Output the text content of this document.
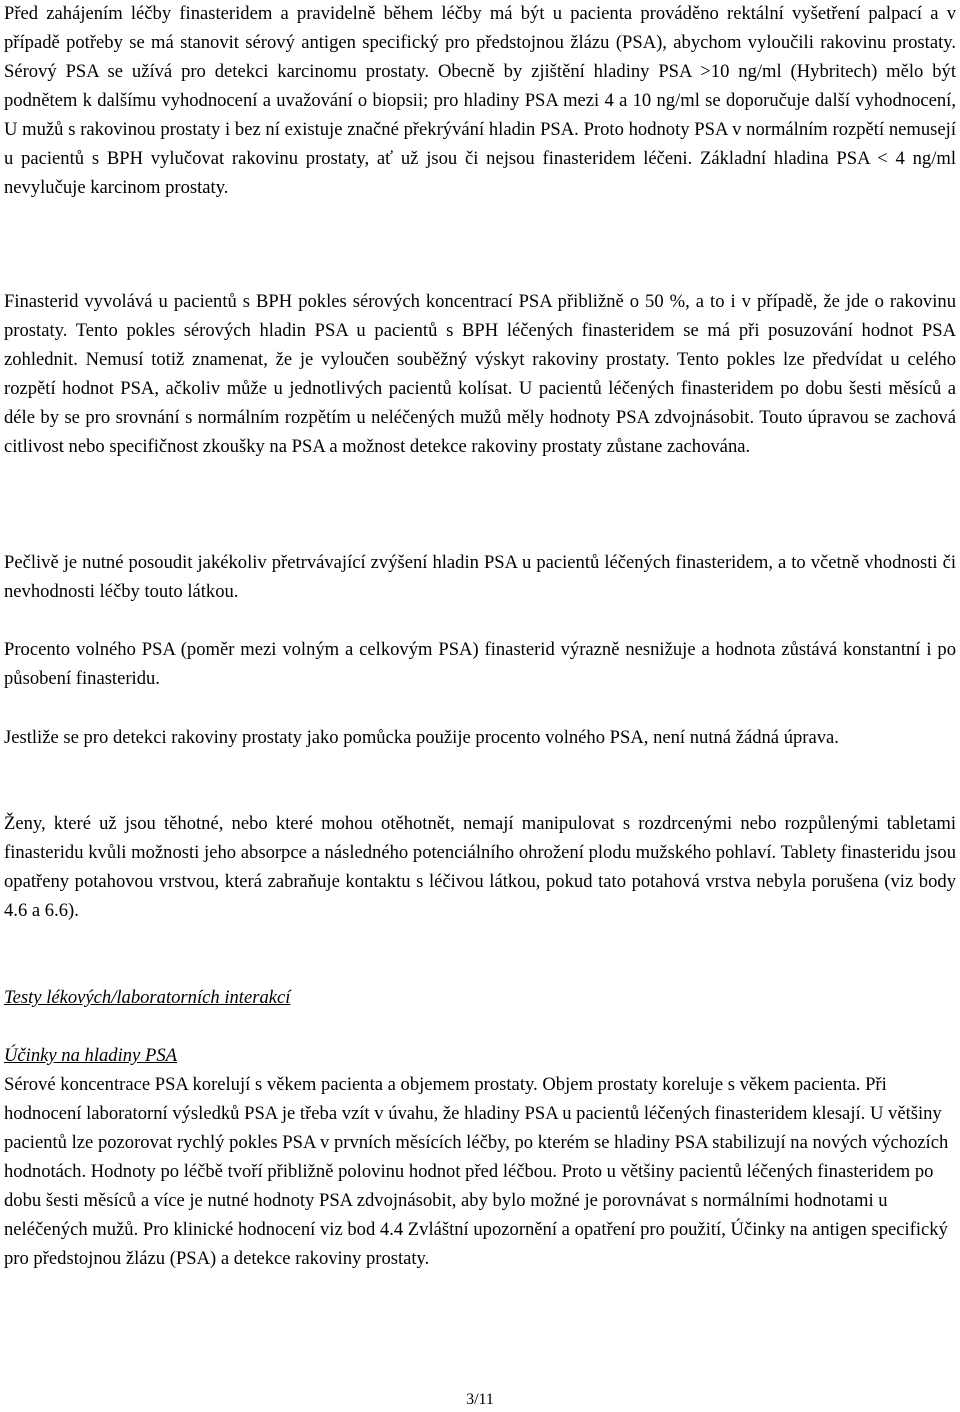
Před zahájením léčby finasteridem a pravidelně během léčby má být u pacienta prováděno rektální vyšetření palpací a v případě potřeby se má stanovit sérový antigen specifický pro předstojnou žlázu (PSA), abychom vyloučili rakovinu prostaty. Sérový PSA se užívá pro detekci karcinomu prostaty. Obecně by zjištění hladiny PSA >10 ng/ml (Hybritech) mělo být podnětem k dalšímu vyhodnocení a uvažování o biopsii; pro hladiny PSA mezi 4 a 10 ng/ml se doporučuje další vyhodnocení, U mužů s rakovinou prostaty i bez ní existuje značné překrývání hladin PSA. Proto hodnoty PSA v normálním rozpětí nemusejí u pacientů s BPH vylučovat rakovinu prostaty, ať už jsou či nejsou finasteridem léčeni. Základní hladina PSA < 4 ng/ml nevylučuje karcinom prostaty.

Finasterid vyvolává u pacientů s BPH pokles sérových koncentrací PSA přibližně o 50 %, a to i v případě, že jde o rakovinu prostaty. Tento pokles sérových hladin PSA u pacientů s BPH léčených finasteridem se má při posuzování hodnot PSA zohlednit. Nemusí totiž znamenat, že je vyloučen souběžný výskyt rakoviny prostaty. Tento pokles lze předvídat u celého rozpětí hodnot PSA, ačkoliv může u jednotlivých pacientů kolísat. U pacientů léčených finasteridem po dobu šesti měsíců a déle by se pro srovnání s normálním rozpětím u neléčených mužů měly hodnoty PSA zdvojnásobit. Touto úpravou se zachová citlivost nebo specifičnost zkoušky na PSA a možnost detekce rakoviny prostaty zůstane zachována.

Pečlivě je nutné posoudit jakékoliv přetrvávající zvýšení hladin PSA u pacientů léčených finasteridem, a to včetně vhodnosti či nevhodnosti léčby touto látkou.

Procento volného PSA (poměr mezi volným a celkovým PSA) finasterid výrazně nesnižuje a hodnota zůstává konstantní i po působení finasteridu.

Jestliže se pro detekci rakoviny prostaty jako pomůcka použije procento volného PSA, není nutná žádná úprava.

Ženy, které už jsou těhotné, nebo které mohou otěhotnět, nemají manipulovat s rozdrcenými nebo rozpůlenými tabletami finasteridu kvůli možnosti jeho absorpce a následného potenciálního ohrožení plodu mužského pohlaví. Tablety finasteridu jsou opatřeny potahovou vrstvou, která zabraňuje kontaktu s léčivou látkou, pokud tato potahová vrstva nebyla porušena (viz body 4.6 a 6.6).

Testy lékových/laboratorních interakcí

Účinky na hladiny PSA

Sérové koncentrace PSA korelují s věkem pacienta a objemem prostaty. Objem prostaty koreluje s věkem pacienta. Při hodnocení laboratorní výsledků PSA je třeba vzít v úvahu, že hladiny PSA u pacientů léčených finasteridem klesají. U většiny pacientů lze pozorovat rychlý pokles PSA v prvních měsících léčby, po kterém se hladiny PSA stabilizují na nových výchozích hodnotách. Hodnoty po léčbě tvoří přibližně polovinu hodnot před léčbou. Proto u většiny pacientů léčených finasteridem po dobu šesti měsíců a více je nutné hodnoty PSA zdvojnásobit, aby bylo možné je porovnávat s normálními hodnotami u neléčených mužů. Pro klinické hodnocení viz bod 4.4 Zvláštní upozornění a opatření pro použití, Účinky na antigen specifický pro předstojnou žlázu (PSA) a detekce rakoviny prostaty.

3/11
